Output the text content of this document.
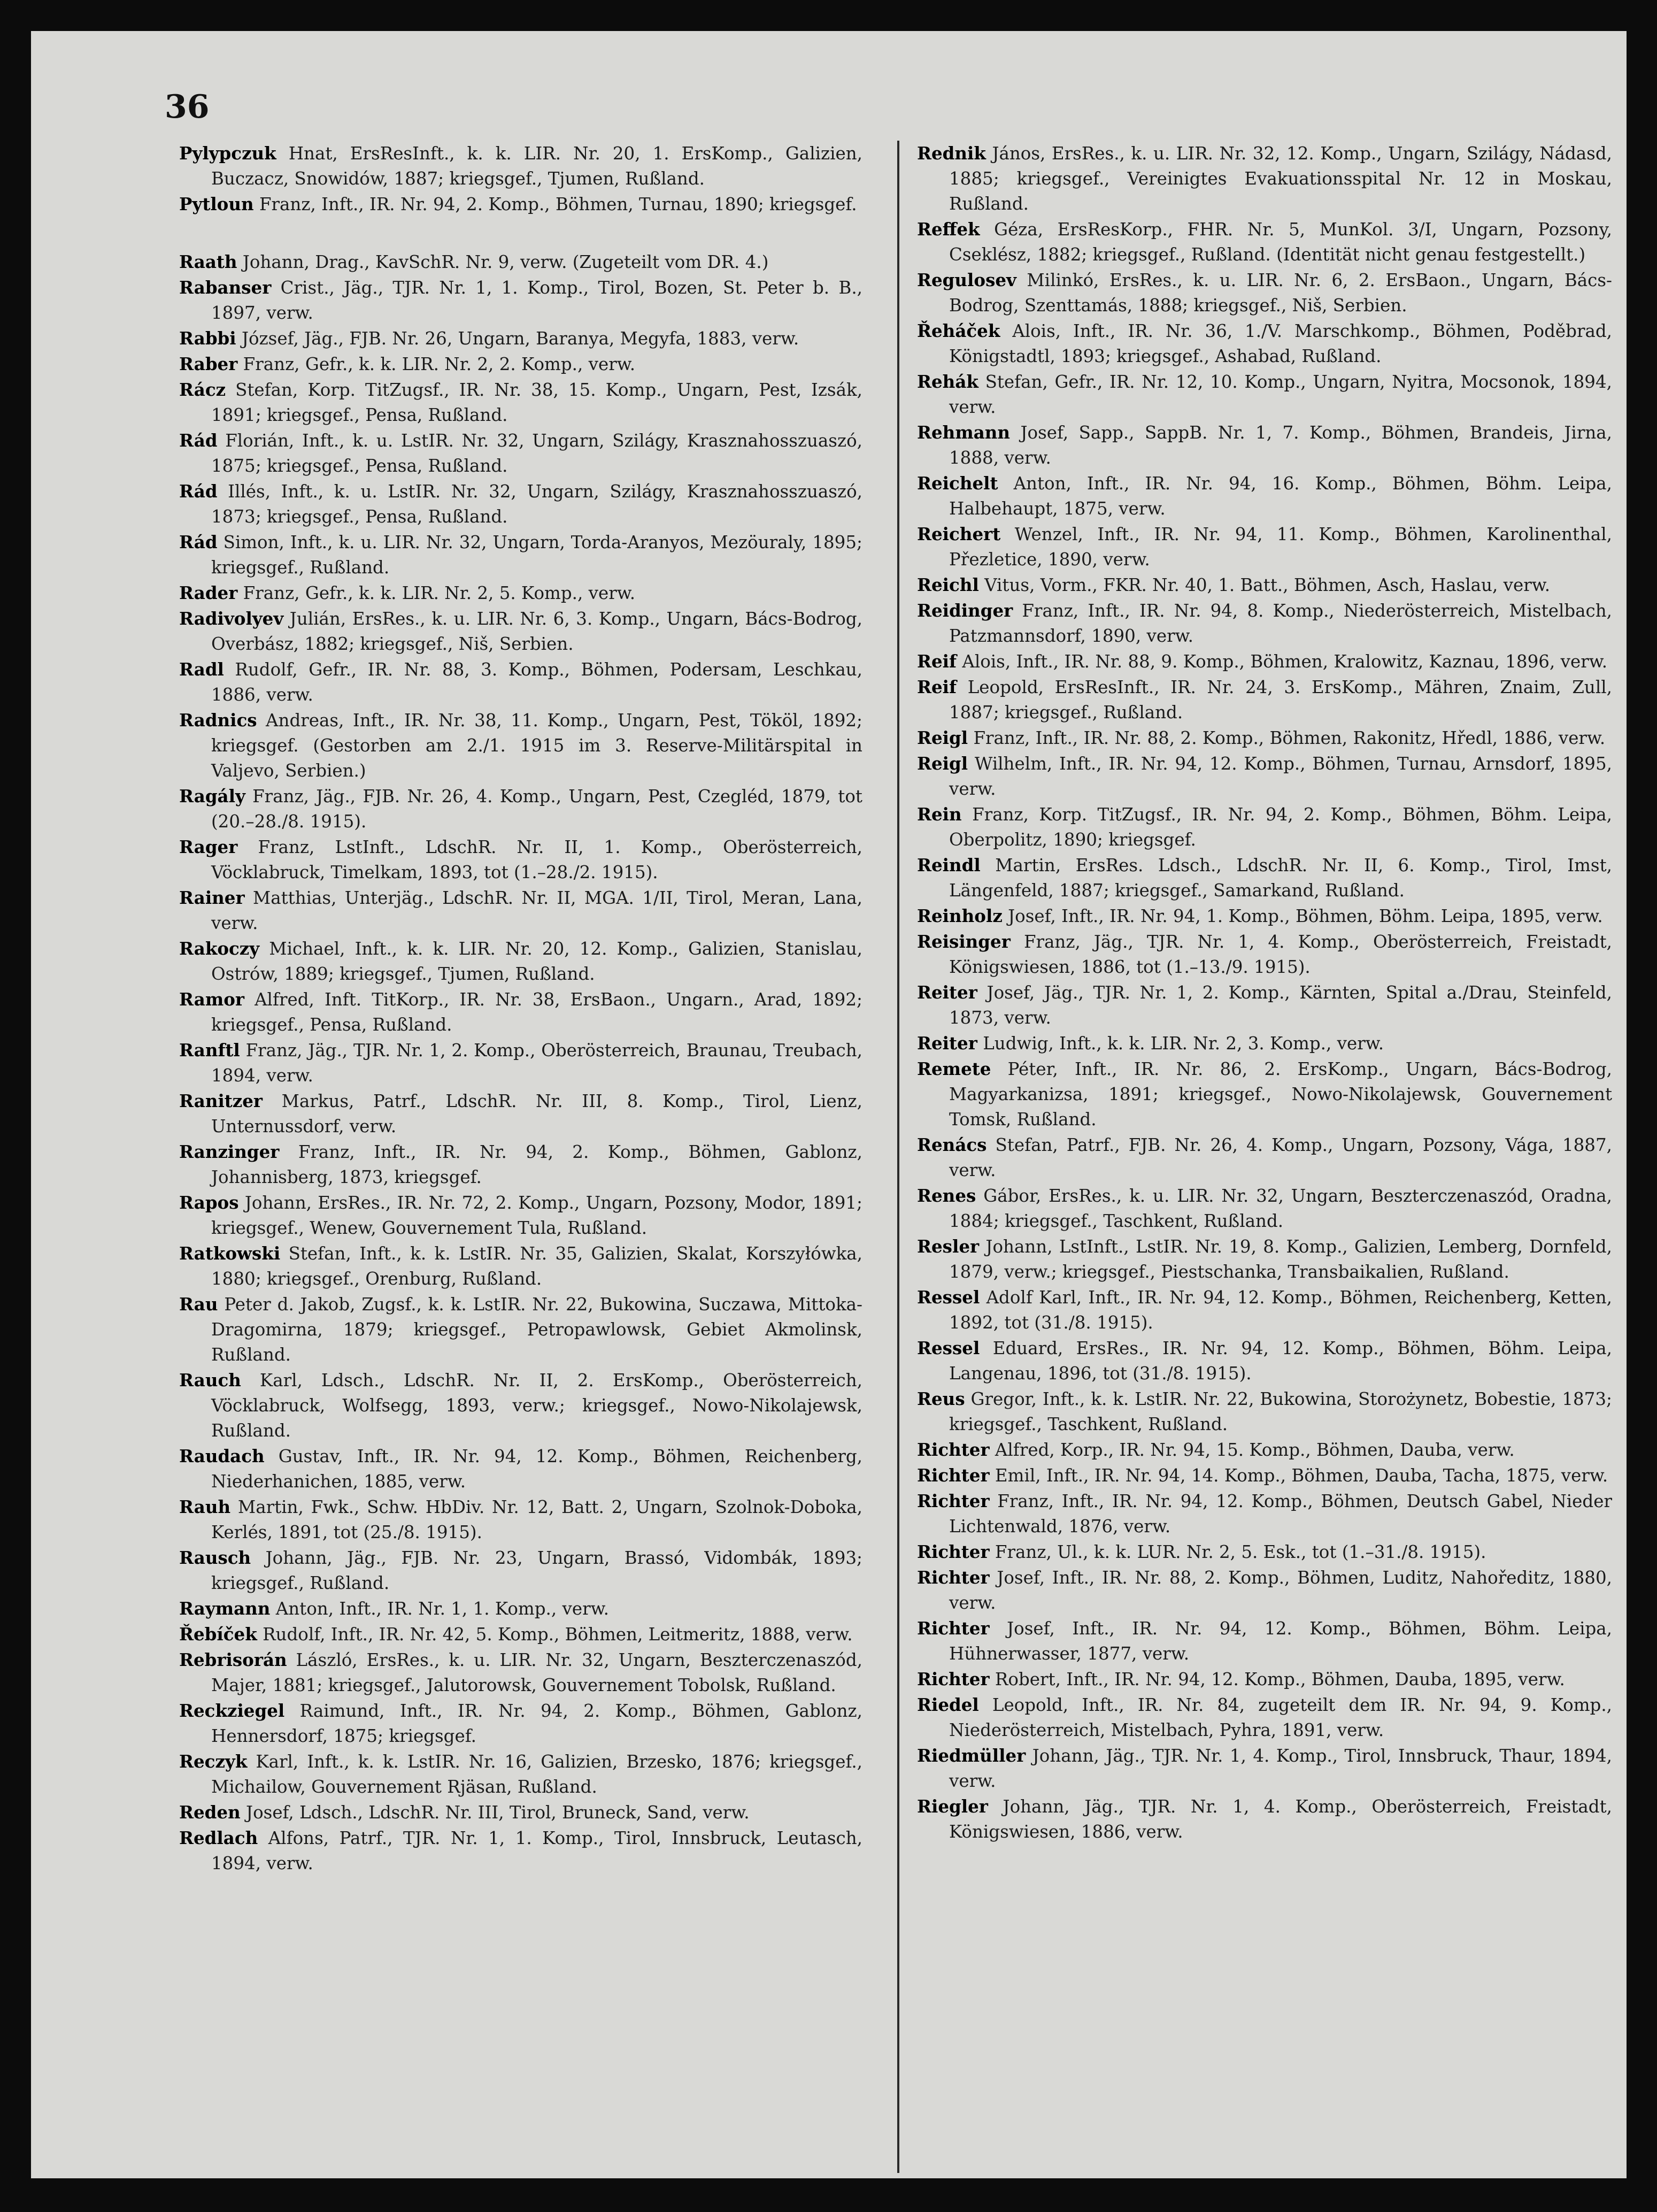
36

Pylypczuk Hnat, ErsResInft., k. k. LIR. Nr. 20, 1. ErsKomp., Galizien, Buczacz, Snowidów, 1887; kriegsgef., Tjumen, Rußland.

Pytloun Franz, Inft., IR. Nr. 94, 2. Komp., Böhmen, Turnau, 1890; kriegsgef.

Raath Johann, Drag., KavSchR. Nr. 9, verw. (Zugeteilt vom DR. 4.)

Rabanser Crist., Jäg., TJR. Nr. 1, 1. Komp., Tirol, Bozen, St. Peter b. B., 1897, verw.

Rabbi József, Jäg., FJB. Nr. 26, Ungarn, Baranya, Megyfa, 1883, verw.

Raber Franz, Gefr., k. k. LIR. Nr. 2, 2. Komp., verw.

Rácz Stefan, Korp. TitZugsf., IR. Nr. 38, 15. Komp., Ungarn, Pest, Izsák, 1891; kriegsgef., Pensa, Rußland.

Rád Florián, Inft., k. u. LstIR. Nr. 32, Ungarn, Szilágy, Krasznahosszuaszó, 1875; kriegsgef., Pensa, Rußland.

Rád Illés, Inft., k. u. LstIR. Nr. 32, Ungarn, Szilágy, Krasznahosszuaszó, 1873; kriegsgef., Pensa, Rußland.

Rád Simon, Inft., k. u. LIR. Nr. 32, Ungarn, Torda-Aranyos, Mezöuraly, 1895; kriegsgef., Rußland.

Rader Franz, Gefr., k. k. LIR. Nr. 2, 5. Komp., verw.

Radivolyev Julián, ErsRes., k. u. LIR. Nr. 6, 3. Komp., Ungarn, Bács-Bodrog, Overbász, 1882; kriegsgef., Niš, Serbien.

Radl Rudolf, Gefr., IR. Nr. 88, 3. Komp., Böhmen, Podersam, Leschkau, 1886, verw.

Radnics Andreas, Inft., IR. Nr. 38, 11. Komp., Ungarn, Pest, Tököl, 1892; kriegsgef. (Gestorben am 2./1. 1915 im 3. Reserve-Militärspital in Valjevo, Serbien.)

Ragály Franz, Jäg., FJB. Nr. 26, 4. Komp., Ungarn, Pest, Czegléd, 1879, tot (20.–28./8. 1915).

Rager Franz, LstInft., LdschR. Nr. II, 1. Komp., Oberösterreich, Vöcklabruck, Timelkam, 1893, tot (1.–28./2. 1915).

Rainer Matthias, Unterjäg., LdschR. Nr. II, MGA. 1/II, Tirol, Meran, Lana, verw.

Rakoczy Michael, Inft., k. k. LIR. Nr. 20, 12. Komp., Galizien, Stanislau, Ostrów, 1889; kriegsgef., Tjumen, Rußland.

Ramor Alfred, Inft. TitKorp., IR. Nr. 38, ErsBaon., Ungarn., Arad, 1892; kriegsgef., Pensa, Rußland.

Ranftl Franz, Jäg., TJR. Nr. 1, 2. Komp., Oberösterreich, Braunau, Treubach, 1894, verw.

Ranitzer Markus, Patrf., LdschR. Nr. III, 8. Komp., Tirol, Lienz, Unternussdorf, verw.

Ranzinger Franz, Inft., IR. Nr. 94, 2. Komp., Böhmen, Gablonz, Johannisberg, 1873, kriegsgef.

Rapos Johann, ErsRes., IR. Nr. 72, 2. Komp., Ungarn, Pozsony, Modor, 1891; kriegsgef., Wenew, Gouvernement Tula, Rußland.

Ratkowski Stefan, Inft., k. k. LstIR. Nr. 35, Galizien, Skalat, Korszyłówka, 1880; kriegsgef., Orenburg, Rußland.

Rau Peter d. Jakob, Zugsf., k. k. LstIR. Nr. 22, Bukowina, Suczawa, Mittoka-Dragomirna, 1879; kriegsgef., Petropawlowsk, Gebiet Akmolinsk, Rußland.

Rauch Karl, Ldsch., LdschR. Nr. II, 2. ErsKomp., Oberösterreich, Vöcklabruck, Wolfsegg, 1893, verw.; kriegsgef., Nowo-Nikolajewsk, Rußland.

Raudach Gustav, Inft., IR. Nr. 94, 12. Komp., Böhmen, Reichenberg, Niederhanichen, 1885, verw.

Rauh Martin, Fwk., Schw. HbDiv. Nr. 12, Batt. 2, Ungarn, Szolnok-Doboka, Kerlés, 1891, tot (25./8. 1915).

Rausch Johann, Jäg., FJB. Nr. 23, Ungarn, Brassó, Vidombák, 1893; kriegsgef., Rußland.

Raymann Anton, Inft., IR. Nr. 1, 1. Komp., verw.

Řebíček Rudolf, Inft., IR. Nr. 42, 5. Komp., Böhmen, Leitmeritz, 1888, verw.

Rebrisorán László, ErsRes., k. u. LIR. Nr. 32, Ungarn, Beszterczenaszód, Majer, 1881; kriegsgef., Jalutorowsk, Gouvernement Tobolsk, Rußland.

Reckziegel Raimund, Inft., IR. Nr. 94, 2. Komp., Böhmen, Gablonz, Hennersdorf, 1875; kriegsgef.

Reczyk Karl, Inft., k. k. LstIR. Nr. 16, Galizien, Brzesko, 1876; kriegsgef., Michailow, Gouvernement Rjäsan, Rußland.

Reden Josef, Ldsch., LdschR. Nr. III, Tirol, Bruneck, Sand, verw.

Redlach Alfons, Patrf., TJR. Nr. 1, 1. Komp., Tirol, Innsbruck, Leutasch, 1894, verw.

Rednik János, ErsRes., k. u. LIR. Nr. 32, 12. Komp., Ungarn, Szilágy, Nádasd, 1885; kriegsgef., Vereinigtes Evakuationsspital Nr. 12 in Moskau, Rußland.

Reffek Géza, ErsResKorp., FHR. Nr. 5, MunKol. 3/I, Ungarn, Pozsony, Cseklész, 1882; kriegsgef., Rußland. (Identität nicht genau festgestellt.)

Regulosev Milinkó, ErsRes., k. u. LIR. Nr. 6, 2. ErsBaon., Ungarn, Bács-Bodrog, Szenttamás, 1888; kriegsgef., Niš, Serbien.

Řeháček Alois, Inft., IR. Nr. 36, 1./V. Marschkomp., Böhmen, Poděbrad, Königstadtl, 1893; kriegsgef., Ashabad, Rußland.

Rehák Stefan, Gefr., IR. Nr. 12, 10. Komp., Ungarn, Nyitra, Mocsonok, 1894, verw.

Rehmann Josef, Sapp., SappB. Nr. 1, 7. Komp., Böhmen, Brandeis, Jirna, 1888, verw.

Reichelt Anton, Inft., IR. Nr. 94, 16. Komp., Böhmen, Böhm. Leipa, Halbehaupt, 1875, verw.

Reichert Wenzel, Inft., IR. Nr. 94, 11. Komp., Böhmen, Karolinenthal, Přezletice, 1890, verw.

Reichl Vitus, Vorm., FKR. Nr. 40, 1. Batt., Böhmen, Asch, Haslau, verw.

Reidinger Franz, Inft., IR. Nr. 94, 8. Komp., Niederösterreich, Mistelbach, Patzmannsdorf, 1890, verw.

Reif Alois, Inft., IR. Nr. 88, 9. Komp., Böhmen, Kralowitz, Kaznau, 1896, verw.

Reif Leopold, ErsResInft., IR. Nr. 24, 3. ErsKomp., Mähren, Znaim, Zull, 1887; kriegsgef., Rußland.

Reigl Franz, Inft., IR. Nr. 88, 2. Komp., Böhmen, Rakonitz, Hředl, 1886, verw.

Reigl Wilhelm, Inft., IR. Nr. 94, 12. Komp., Böhmen, Turnau, Arnsdorf, 1895, verw.

Rein Franz, Korp. TitZugsf., IR. Nr. 94, 2. Komp., Böhmen, Böhm. Leipa, Oberpolitz, 1890; kriegsgef.

Reindl Martin, ErsRes. Ldsch., LdschR. Nr. II, 6. Komp., Tirol, Imst, Längenfeld, 1887; kriegsgef., Samarkand, Rußland.

Reinholz Josef, Inft., IR. Nr. 94, 1. Komp., Böhmen, Böhm. Leipa, 1895, verw.

Reisinger Franz, Jäg., TJR. Nr. 1, 4. Komp., Oberösterreich, Freistadt, Königswiesen, 1886, tot (1.–13./9. 1915).

Reiter Josef, Jäg., TJR. Nr. 1, 2. Komp., Kärnten, Spital a./Drau, Steinfeld, 1873, verw.

Reiter Ludwig, Inft., k. k. LIR. Nr. 2, 3. Komp., verw.

Remete Péter, Inft., IR. Nr. 86, 2. ErsKomp., Ungarn, Bács-Bodrog, Magyarkanizsa, 1891; kriegsgef., Nowo-Nikolajewsk, Gouvernement Tomsk, Rußland.

Renács Stefan, Patrf., FJB. Nr. 26, 4. Komp., Ungarn, Pozsony, Vága, 1887, verw.

Renes Gábor, ErsRes., k. u. LIR. Nr. 32, Ungarn, Beszterczenaszód, Oradna, 1884; kriegsgef., Taschkent, Rußland.

Resler Johann, LstInft., LstIR. Nr. 19, 8. Komp., Galizien, Lemberg, Dornfeld, 1879, verw.; kriegsgef., Piestschanka, Transbaikalien, Rußland.

Ressel Adolf Karl, Inft., IR. Nr. 94, 12. Komp., Böhmen, Reichenberg, Ketten, 1892, tot (31./8. 1915).

Ressel Eduard, ErsRes., IR. Nr. 94, 12. Komp., Böhmen, Böhm. Leipa, Langenau, 1896, tot (31./8. 1915).

Reus Gregor, Inft., k. k. LstIR. Nr. 22, Bukowina, Storożynetz, Bobestie, 1873; kriegsgef., Taschkent, Rußland.

Richter Alfred, Korp., IR. Nr. 94, 15. Komp., Böhmen, Dauba, verw.

Richter Emil, Inft., IR. Nr. 94, 14. Komp., Böhmen, Dauba, Tacha, 1875, verw.

Richter Franz, Inft., IR. Nr. 94, 12. Komp., Böhmen, Deutsch Gabel, Nieder Lichtenwald, 1876, verw.

Richter Franz, Ul., k. k. LUR. Nr. 2, 5. Esk., tot (1.–31./8. 1915).

Richter Josef, Inft., IR. Nr. 88, 2. Komp., Böhmen, Luditz, Nahoředitz, 1880, verw.

Richter Josef, Inft., IR. Nr. 94, 12. Komp., Böhmen, Böhm. Leipa, Hühnerwasser, 1877, verw.

Richter Robert, Inft., IR. Nr. 94, 12. Komp., Böhmen, Dauba, 1895, verw.

Riedel Leopold, Inft., IR. Nr. 84, zugeteilt dem IR. Nr. 94, 9. Komp., Niederösterreich, Mistelbach, Pyhra, 1891, verw.

Riedmüller Johann, Jäg., TJR. Nr. 1, 4. Komp., Tirol, Innsbruck, Thaur, 1894, verw.

Riegler Johann, Jäg., TJR. Nr. 1, 4. Komp., Oberösterreich, Freistadt, Königswiesen, 1886, verw.
